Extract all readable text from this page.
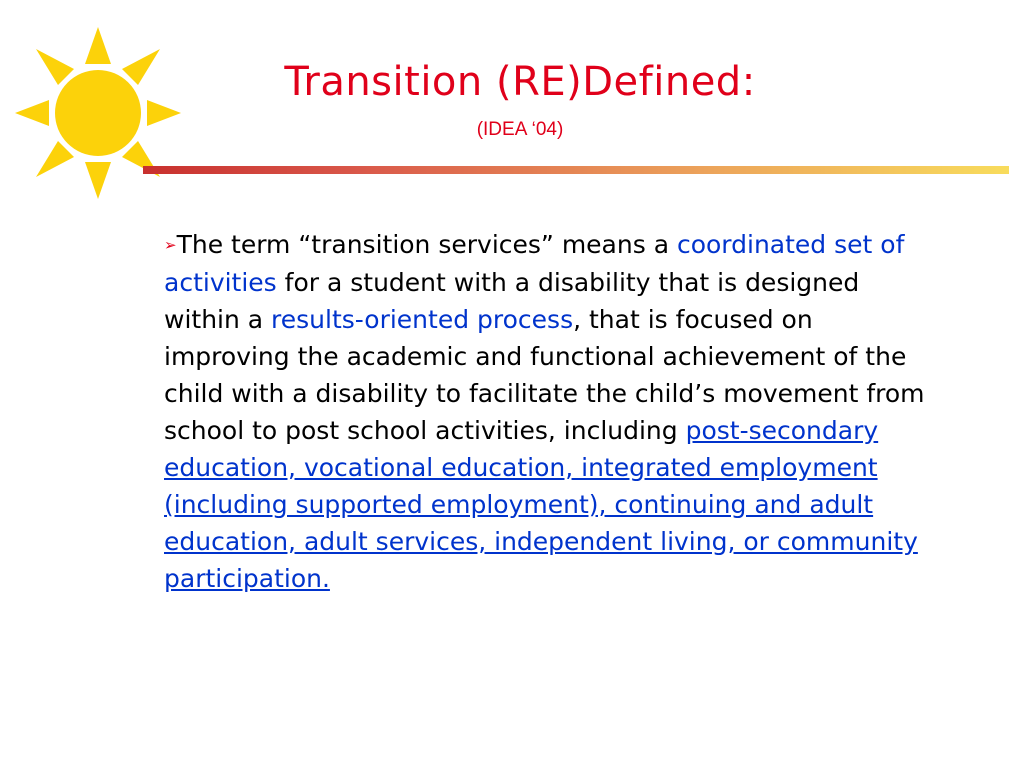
Transition (RE)Defined:
(IDEA ‘04)
➢The term “transition services” means a coordinated set of activities for a student with a disability that is designed within a results-oriented process, that is focused on improving the academic and functional achievement of the child with a disability to facilitate the child’s movement from school to post school activities, including post-secondary education, vocational education, integrated employment (including supported employment), continuing and adult education, adult services, independent living, or community participation.
